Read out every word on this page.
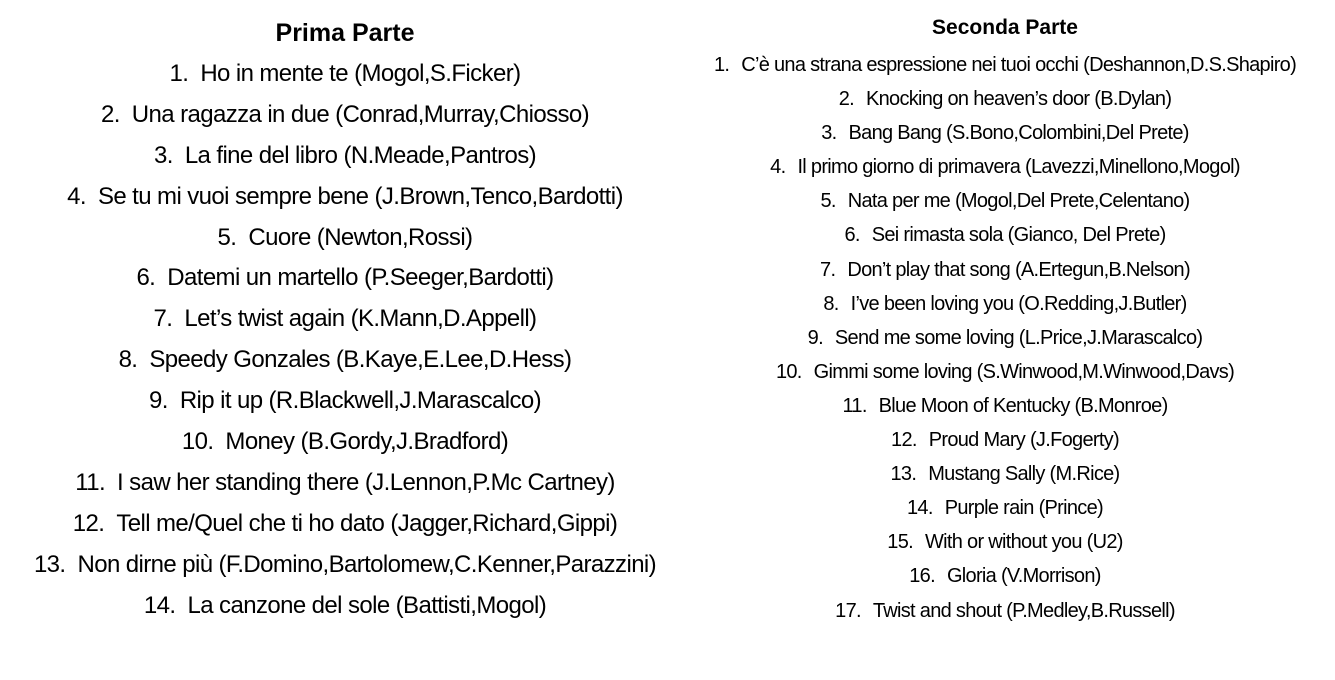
Prima Parte
1. Ho in mente te (Mogol,S.Ficker)
2. Una ragazza in due (Conrad,Murray,Chiosso)
3. La fine del libro (N.Meade,Pantros)
4. Se tu mi vuoi sempre bene (J.Brown,Tenco,Bardotti)
5. Cuore (Newton,Rossi)
6. Datemi un martello (P.Seeger,Bardotti)
7. Let’s twist again (K.Mann,D.Appell)
8. Speedy Gonzales (B.Kaye,E.Lee,D.Hess)
9. Rip it up (R.Blackwell,J.Marascalco)
10. Money (B.Gordy,J.Bradford)
11. I saw her standing there (J.Lennon,P.Mc Cartney)
12. Tell me/Quel che ti ho dato (Jagger,Richard,Gippi)
13. Non dirne più (F.Domino,Bartolomew,C.Kenner,Parazzini)
14. La canzone del sole (Battisti,Mogol)
Seconda Parte
1. C’è una strana espressione nei tuoi occhi (Deshannon,D.S.Shapiro)
2. Knocking on heaven’s door (B.Dylan)
3. Bang Bang (S.Bono,Colombini,Del Prete)
4. Il primo giorno di primavera (Lavezzi,Minellono,Mogol)
5. Nata per me (Mogol,Del Prete,Celentano)
6. Sei rimasta sola (Gianco, Del Prete)
7. Don’t play that song (A.Ertegun,B.Nelson)
8. I’ve been loving you (O.Redding,J.Butler)
9. Send me some loving (L.Price,J.Marascalco)
10. Gimmi some loving (S.Winwood,M.Winwood,Davs)
11. Blue Moon of Kentucky (B.Monroe)
12. Proud Mary (J.Fogerty)
13. Mustang Sally (M.Rice)
14. Purple rain (Prince)
15. With or without you (U2)
16. Gloria (V.Morrison)
17. Twist and shout (P.Medley,B.Russell)
